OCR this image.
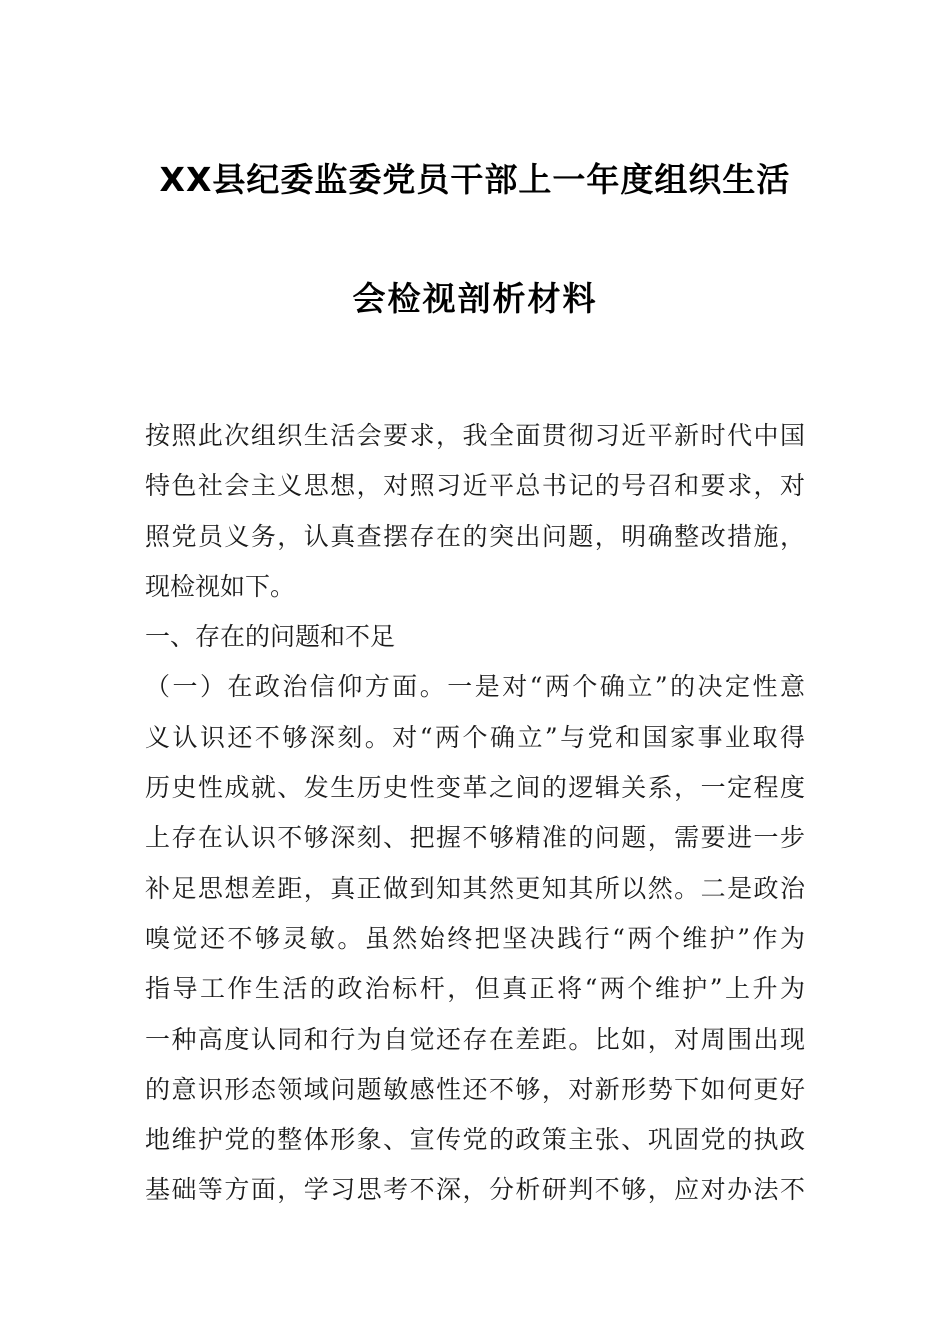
XX县纪委监委党员干部上一年度组织生活
会检视剖析材料
按照此次组织生活会要求，我全面贯彻习近平新时代中国
特色社会主义思想，对照习近平总书记的号召和要求，对
照党员义务，认真查摆存在的突出问题，明确整改措施，
现检视如下。
一、存在的问题和不足
（一）在政治信仰方面。一是对“两个确立”的决定性意
义认识还不够深刻。对“两个确立”与党和国家事业取得
历史性成就、发生历史性变革之间的逻辑关系，一定程度
上存在认识不够深刻、把握不够精准的问题，需要进一步
补足思想差距，真正做到知其然更知其所以然。二是政治
嗅觉还不够灵敏。虽然始终把坚决践行“两个维护”作为
指导工作生活的政治标杆，但真正将“两个维护”上升为
一种高度认同和行为自觉还存在差距。比如，对周围出现
的意识形态领域问题敏感性还不够，对新形势下如何更好
地维护党的整体形象、宣传党的政策主张、巩固党的执政
基础等方面，学习思考不深，分析研判不够，应对办法不
